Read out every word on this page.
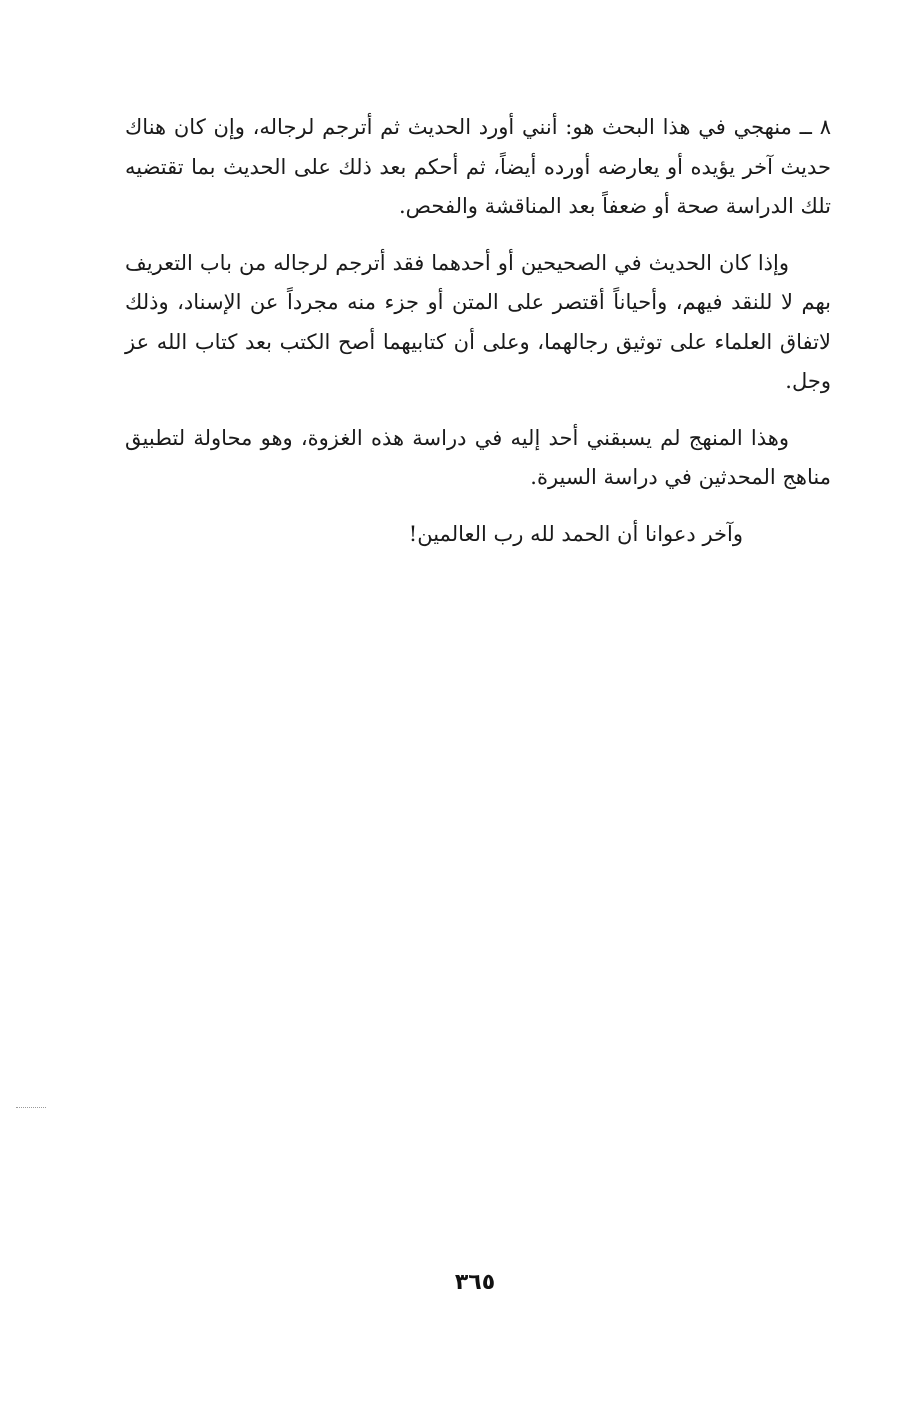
٨ ــ منهجي في هذا البحث هو: أنني أورد الحديث ثم أترجم لرجاله، وإن كان هناك حديث آخر يؤيده أو يعارضه أورده أيضاً، ثم أحكم بعد ذلك على الحديث بما تقتضيه تلك الدراسة صحة أو ضعفاً بعد المناقشة والفحص.

وإذا كان الحديث في الصحيحين أو أحدهما فقد أترجم لرجاله من باب التعريف بهم لا للنقد فيهم، وأحياناً أقتصر على المتن أو جزء منه مجرداً عن الإسناد، وذلك لاتفاق العلماء على توثيق رجالهما، وعلى أن كتابيهما أصح الكتب بعد كتاب الله عز وجل.

وهذا المنهج لم يسبقني أحد إليه في دراسة هذه الغزوة، وهو محاولة لتطبيق مناهج المحدثين في دراسة السيرة.

وآخر دعوانا أن الحمد لله رب العالمين!

٣٦٥
